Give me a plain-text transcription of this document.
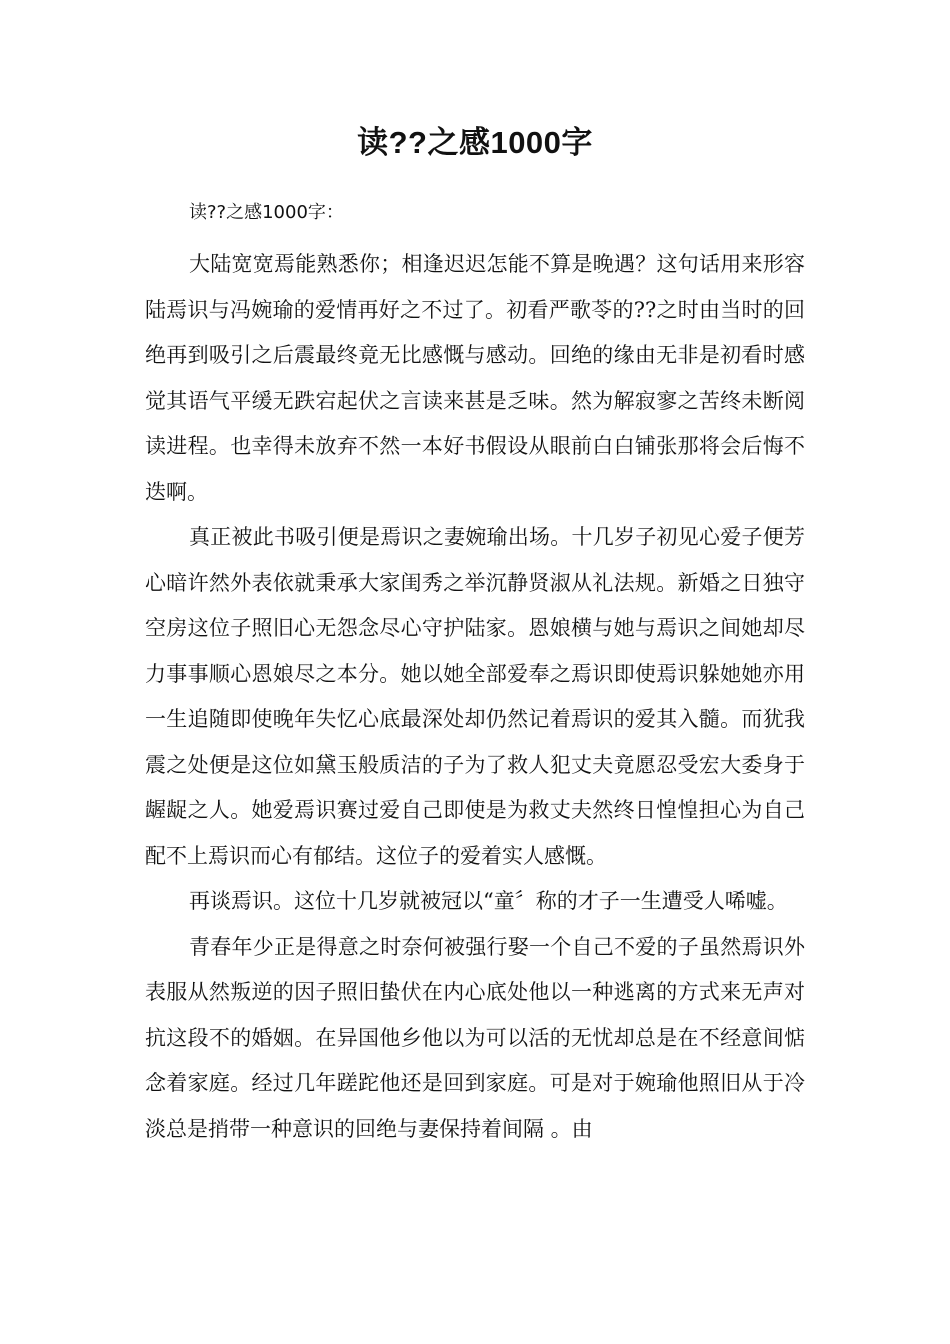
读??之感1000字

读??之感1000字：

大陆宽宽焉能熟悉你；相逢迟迟怎能不算是晚遇？这句话用来形容陆焉识与冯婉瑜的爱情再好之不过了。初看严歌苓的??之时由当时的回绝再到吸引之后震最终竟无比感慨与感动。回绝的缘由无非是初看时感觉其语气平缓无跌宕起伏之言读来甚是乏味。然为解寂寥之苦终未断阅读进程。也幸得未放弃不然一本好书假设从眼前白白铺张那将会后悔不迭啊。

真正被此书吸引便是焉识之妻婉瑜出场。十几岁子初见心爱子便芳心暗许然外表依就秉承大家闺秀之举沉静贤淑从礼法规。新婚之日独守空房这位子照旧心无怨念尽心守护陆家。恩娘横与她与焉识之间她却尽力事事顺心恩娘尽之本分。她以她全部爱奉之焉识即使焉识躲她她亦用一生追随即使晚年失忆心底最深处却仍然记着焉识的爱其入髓。而犹我震之处便是这位如黛玉般质洁的子为了救人犯丈夫竟愿忍受宏大委身于龌龊之人。她爱焉识赛过爱自己即使是为救丈夫然终日惶惶担心为自己配不上焉识而心有郁结。这位子的爱着实人感慨。

再谈焉识。这位十几岁就被冠以“童〞称的才子一生遭受人唏嘘。

青春年少正是得意之时奈何被强行娶一个自己不爱的子虽然焉识外表服从然叛逆的因子照旧蛰伏在内心底处他以一种逃离的方式来无声对抗这段不的婚姻。在异国他乡他以为可以活的无忧却总是在不经意间惦念着家庭。经过几年蹉跎他还是回到家庭。可是对于婉瑜他照旧从于冷淡总是捎带一种意识的回绝与妻保持着间隔 。由
